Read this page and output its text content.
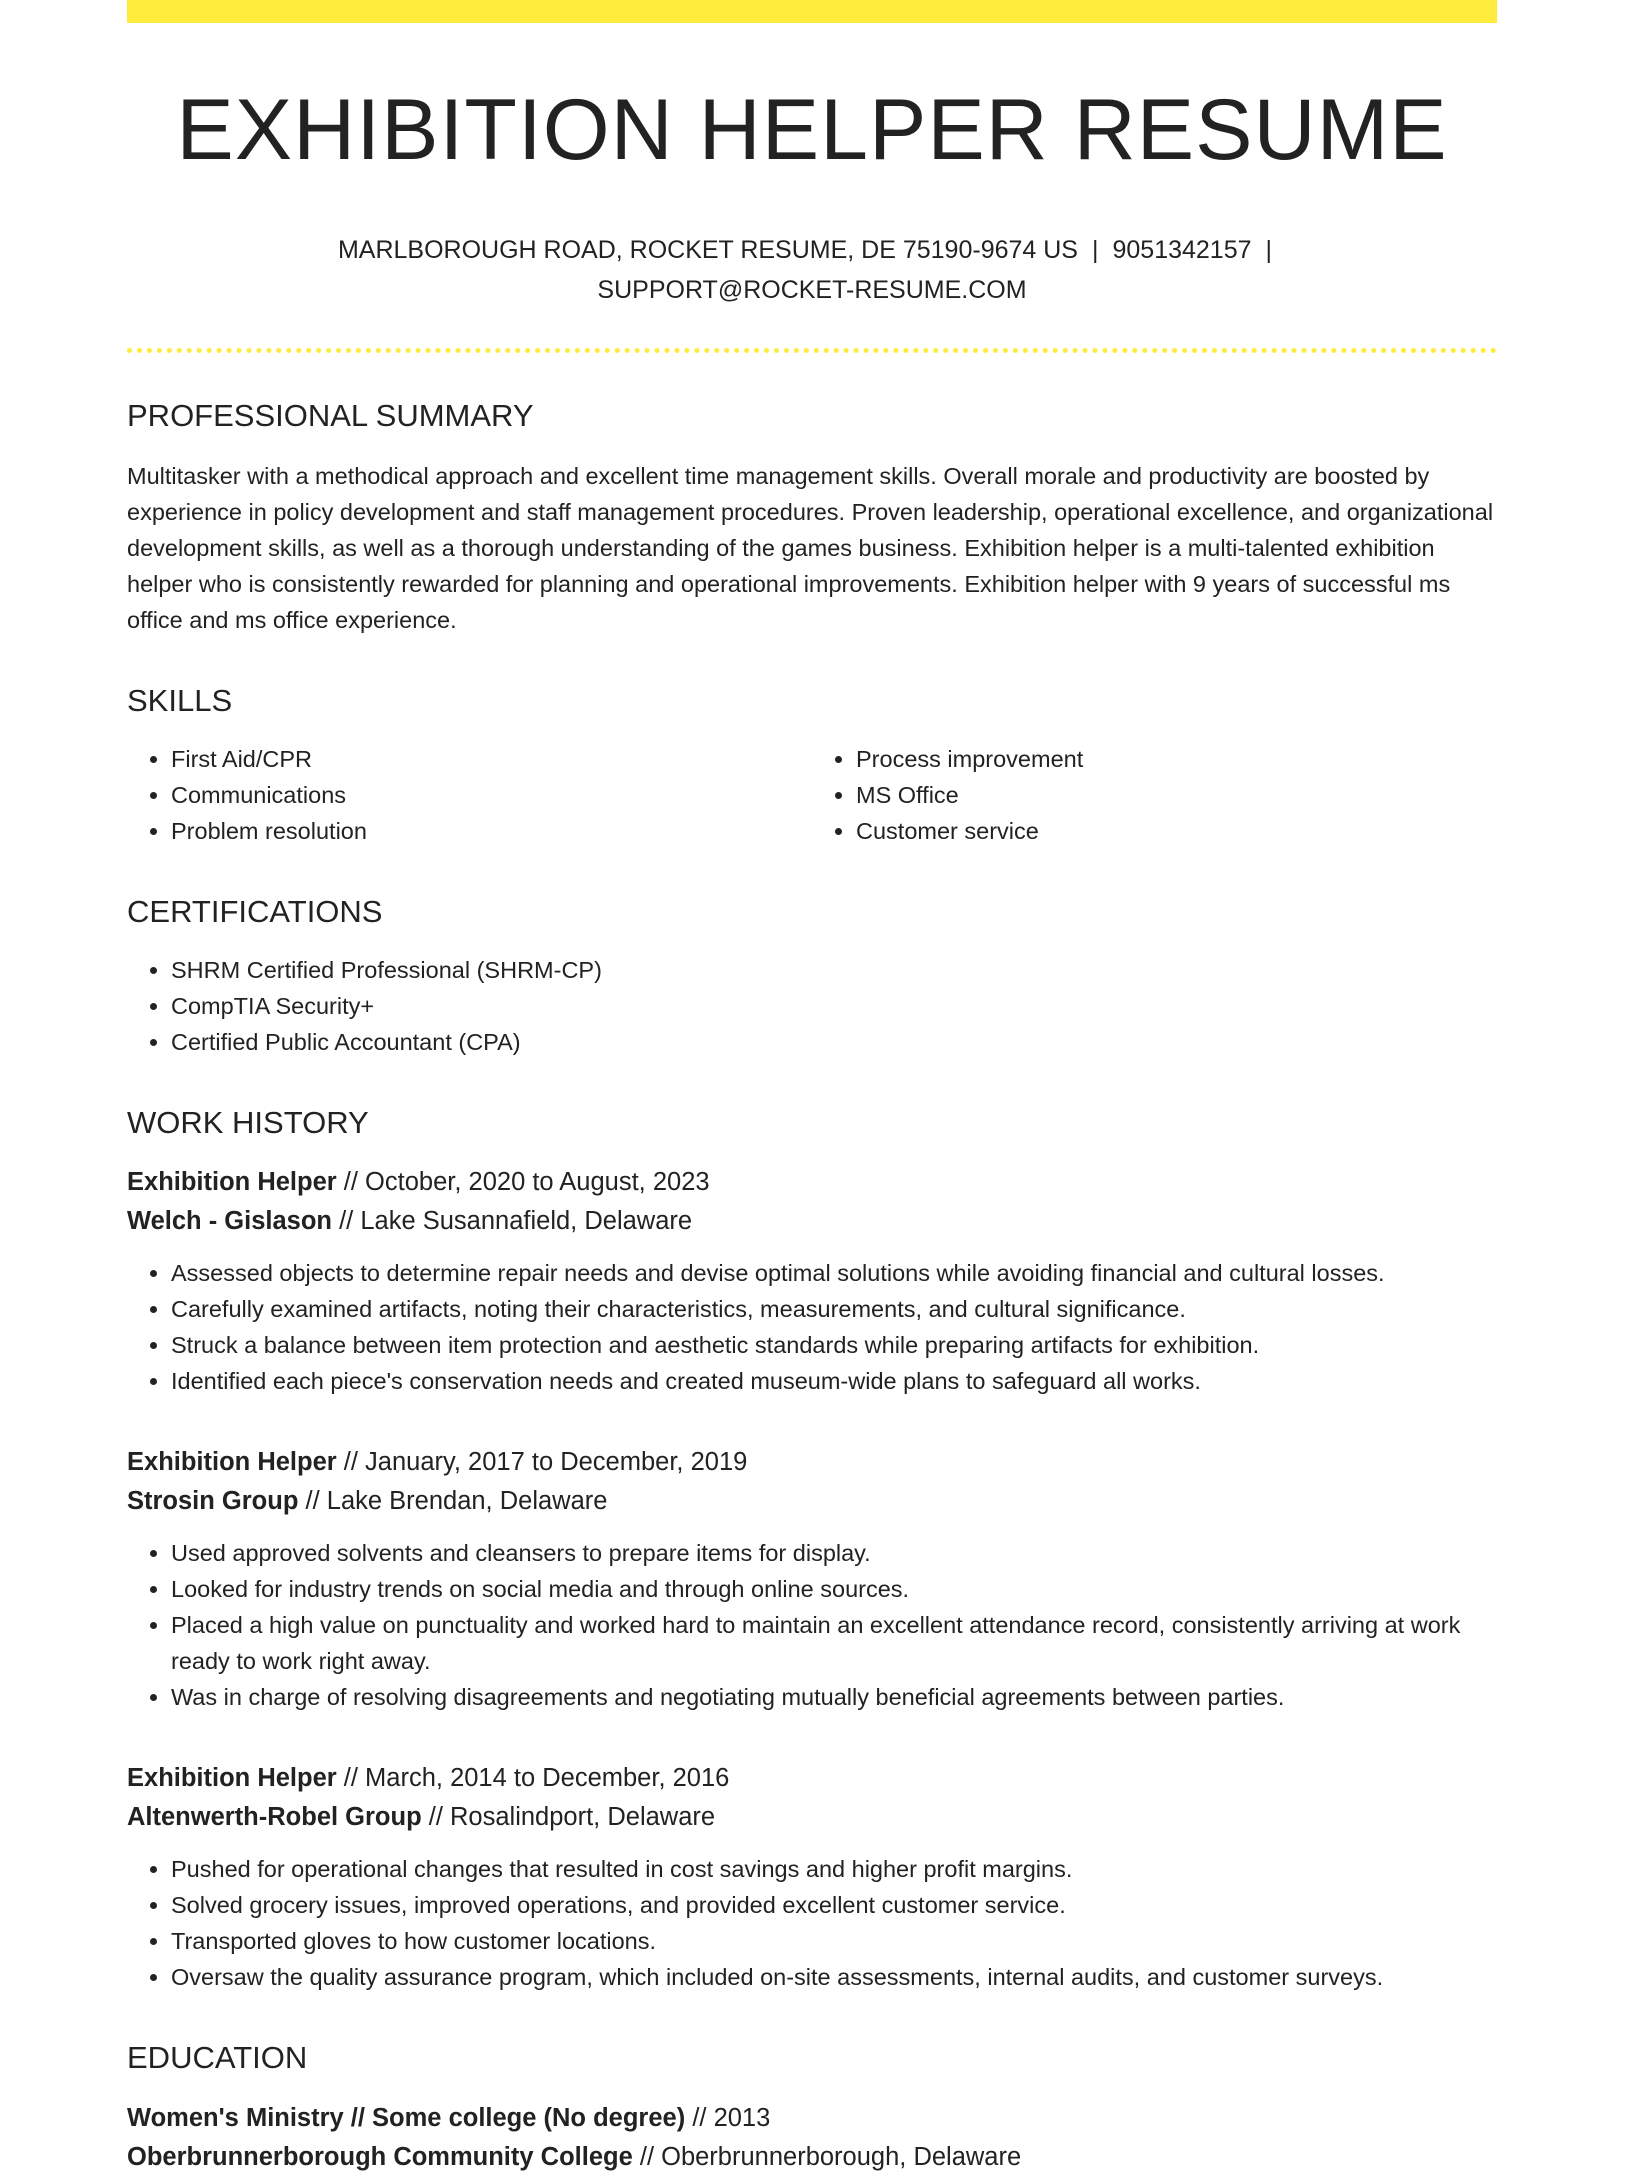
EXHIBITION HELPER RESUME
MARLBOROUGH ROAD, ROCKET RESUME, DE 75190-9674 US | 9051342157 |
SUPPORT@ROCKET-RESUME.COM
PROFESSIONAL SUMMARY

Multitasker with a methodical approach and excellent time management skills. Overall morale and productivity are boosted by experience in policy development and staff management procedures. Proven leadership, operational excellence, and organizational development skills, as well as a thorough understanding of the games business. Exhibition helper is a multi-talented exhibition helper who is consistently rewarded for planning and operational improvements. Exhibition helper with 9 years of successful ms office and ms office experience.

SKILLS
• First Aid/CPR
• Communications
• Problem resolution
• Process improvement
• MS Office
• Customer service
CERTIFICATIONS
• SHRM Certified Professional (SHRM-CP)
• CompTIA Security+
• Certified Public Accountant (CPA)
WORK HISTORY
Exhibition Helper // October, 2020 to August, 2023
Welch - Gislason // Lake Susannafield, Delaware
• Assessed objects to determine repair needs and devise optimal solutions while avoiding financial and cultural losses.
• Carefully examined artifacts, noting their characteristics, measurements, and cultural significance.
• Struck a balance between item protection and aesthetic standards while preparing artifacts for exhibition.
• Identified each piece's conservation needs and created museum-wide plans to safeguard all works.
Exhibition Helper // January, 2017 to December, 2019
Strosin Group // Lake Brendan, Delaware
• Used approved solvents and cleansers to prepare items for display.
• Looked for industry trends on social media and through online sources.
• Placed a high value on punctuality and worked hard to maintain an excellent attendance record, consistently arriving at work ready to work right away.
• Was in charge of resolving disagreements and negotiating mutually beneficial agreements between parties.
Exhibition Helper // March, 2014 to December, 2016
Altenwerth-Robel Group // Rosalindport, Delaware
• Pushed for operational changes that resulted in cost savings and higher profit margins.
• Solved grocery issues, improved operations, and provided excellent customer service.
• Transported gloves to how customer locations.
• Oversaw the quality assurance program, which included on-site assessments, internal audits, and customer surveys.
EDUCATION
Women's Ministry // Some college (No degree) // 2013
Oberbrunnerborough Community College // Oberbrunnerborough, Delaware
